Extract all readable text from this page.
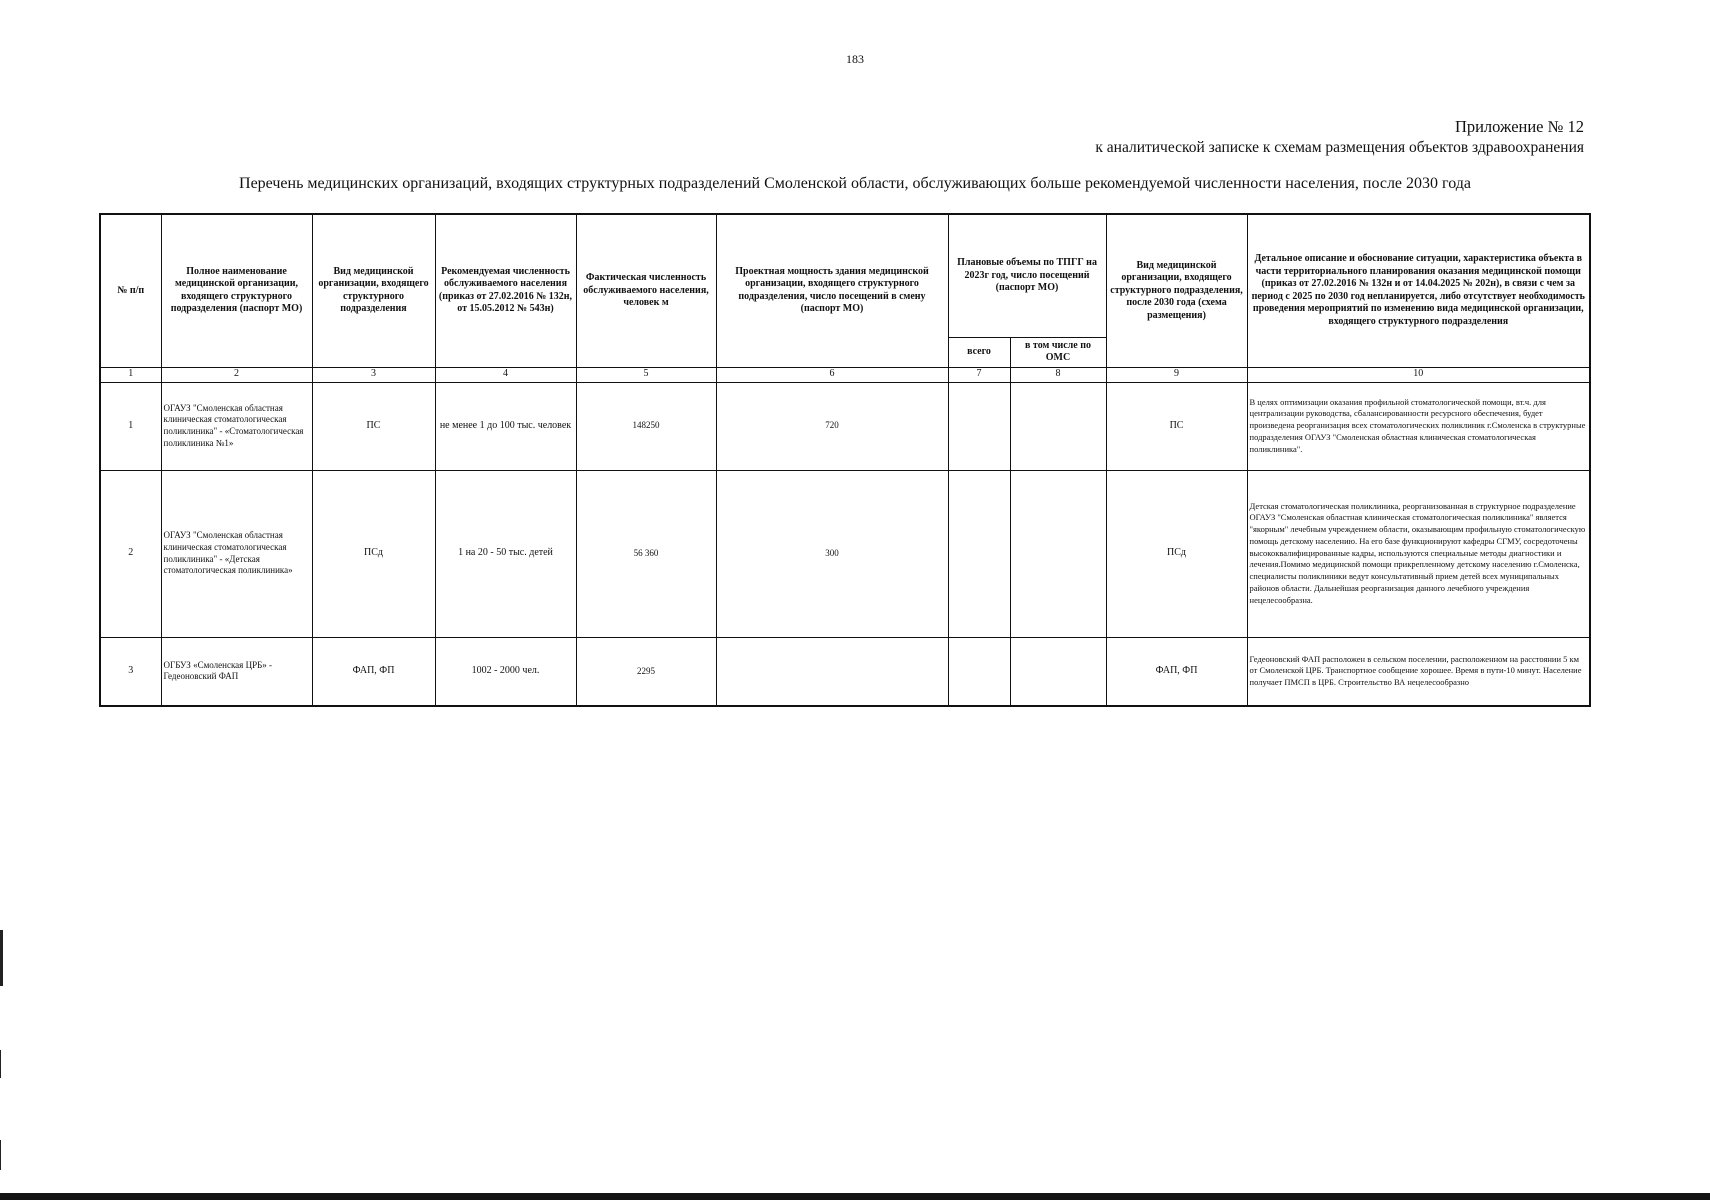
183
Приложение № 12
к аналитической записке к схемам размещения объектов здравоохранения
Перечень медицинских организаций, входящих структурных подразделений Смоленской области, обслуживающих больше рекомендуемой численности населения, после 2030 года
№ п/п	Полное наименование медицинской организации, входящего структурного подразделения (паспорт МО)	Вид медицинской организации, входящего структурного подразделения	Рекомендуемая численность обслуживаемого населения (приказ от 27.02.2016 № 132н, от 15.05.2012 № 543н)	Фактическая численность обслуживаемого населения, человек м	Проектная мощность здания медицинской организации, входящего структурного подразделения, число посещений в смену (паспорт МО)	Плановые объемы по ТПГГ на 2023г год, число посещений (паспорт МО)		Вид медицинской организации, входящего структурного подразделения, после 2030 года (схема размещения)	Детальное описание и обоснование ситуации, характеристика объекта в части территориального планирования оказания медицинской помощи (приказ от 27.02.2016 № 132н и от 14.04.2025 № 202н), в связи с чем за период с 2025 по 2030 год непланируется, либо отсутствует необходимость проведения мероприятий по изменению вида медицинской организации, входящего структурного подразделения
						всего	в том числе по ОМС		
1	2	3	4	5	6	7	8	9	10
1	ОГАУЗ "Смоленская областная клиническая стоматологическая поликлиника" - «Стоматологическая поликлиника №1»	ПС	не менее 1 до 100 тыс. человек	148250	720			ПС	В целях оптимизации оказания профильной стоматологической помощи, вт.ч. для централизации руководства, сбалансированности ресурсного обеспечения, будет произведена реорганизация всех стоматологических поликлиник г.Смоленска в структурные подразделения ОГАУЗ "Смоленская областная клиническая стоматологическая поликлиника".
2	ОГАУЗ "Смоленская областная клиническая стоматологическая поликлиника" - «Детская стоматологическая поликлиника»	ПСд	1 на 20 - 50 тыс. детей	56 360	300			ПСд	Детская стоматологическая поликлиника, реорганизованная в структурное подразделение ОГАУЗ "Смоленская областная клиническая стоматологическая поликлиника" является "якорным" лечебным учреждением области, оказывающим профильную стоматологическую помощь детскому населению. На его базе функционируют кафедры СГМУ, сосредоточены высококвалифицированные кадры, используются специальные методы диагностики и лечения.Помимо медицинской помощи прикрепленному детскому населению г.Смоленска, специалисты поликлиники ведут консультативный прием детей всех муниципальных районов области. Дальнейшая реорганизация данного лечебного учреждения нецелесообразна.
3	ОГБУЗ «Смоленская ЦРБ» - Гедеоновский ФАП	ФАП, ФП	1002 - 2000 чел.	2295				ФАП, ФП	Гедеоновский ФАП расположен в сельском поселении, расположенном на расстоянии 5 км от Смоленской ЦРБ. Транспортное сообщение хорошее. Время в пути-10 минут. Население получает ПМСП в ЦРБ. Строительство ВА нецелесообразно
